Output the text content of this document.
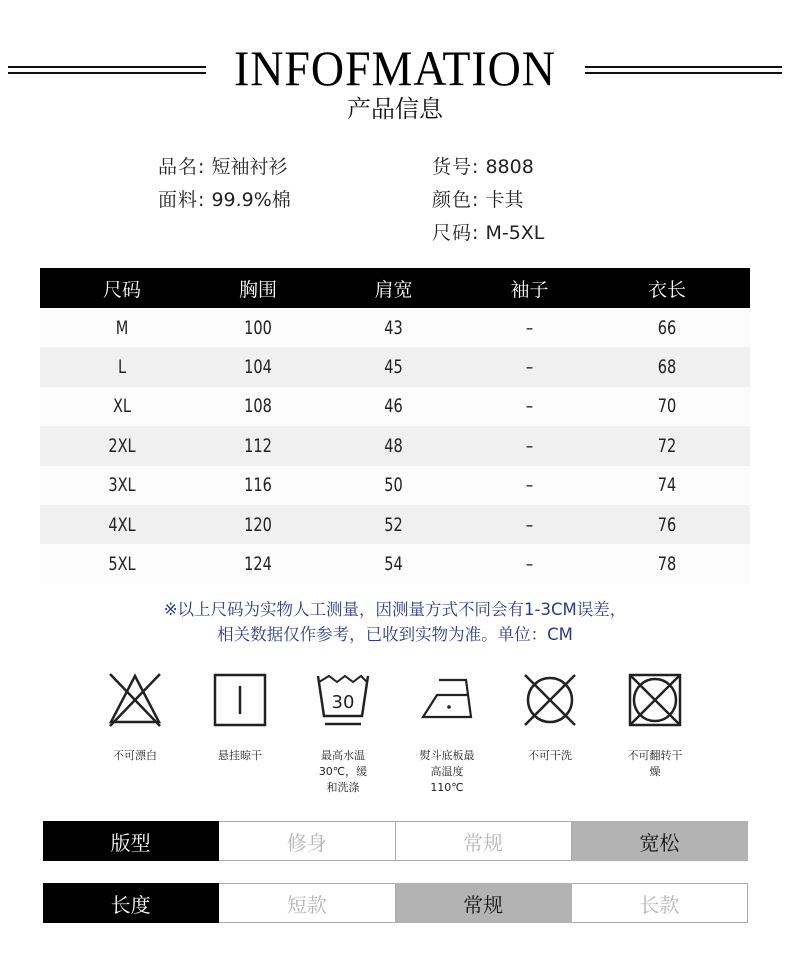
INFOFMATION
产品信息
品名: 短袖衬衫
面料: 99.9%棉
货号: 8808
颜色: 卡其
尺码: M-5XL
尺码	胸围	肩宽	袖子	衣长
M	100	43	–	66
L	104	45	–	68
XL	108	46	–	70
2XL	112	48	–	72
3XL	116	50	–	74
4XL	120	52	–	76
5XL	124	54	–	78
※以上尺码为实物人工测量，因测量方式不同会有1-3CM误差，
相关数据仅作参考，已收到实物为准。单位：CM
不可漂白	悬挂晾干
30
最高水温30℃，缓和洗涤
熨斗底板最高温度110℃
不可干洗	不可翻转干燥
版型	修身	常规	宽松
长度	短款	常规	长款
